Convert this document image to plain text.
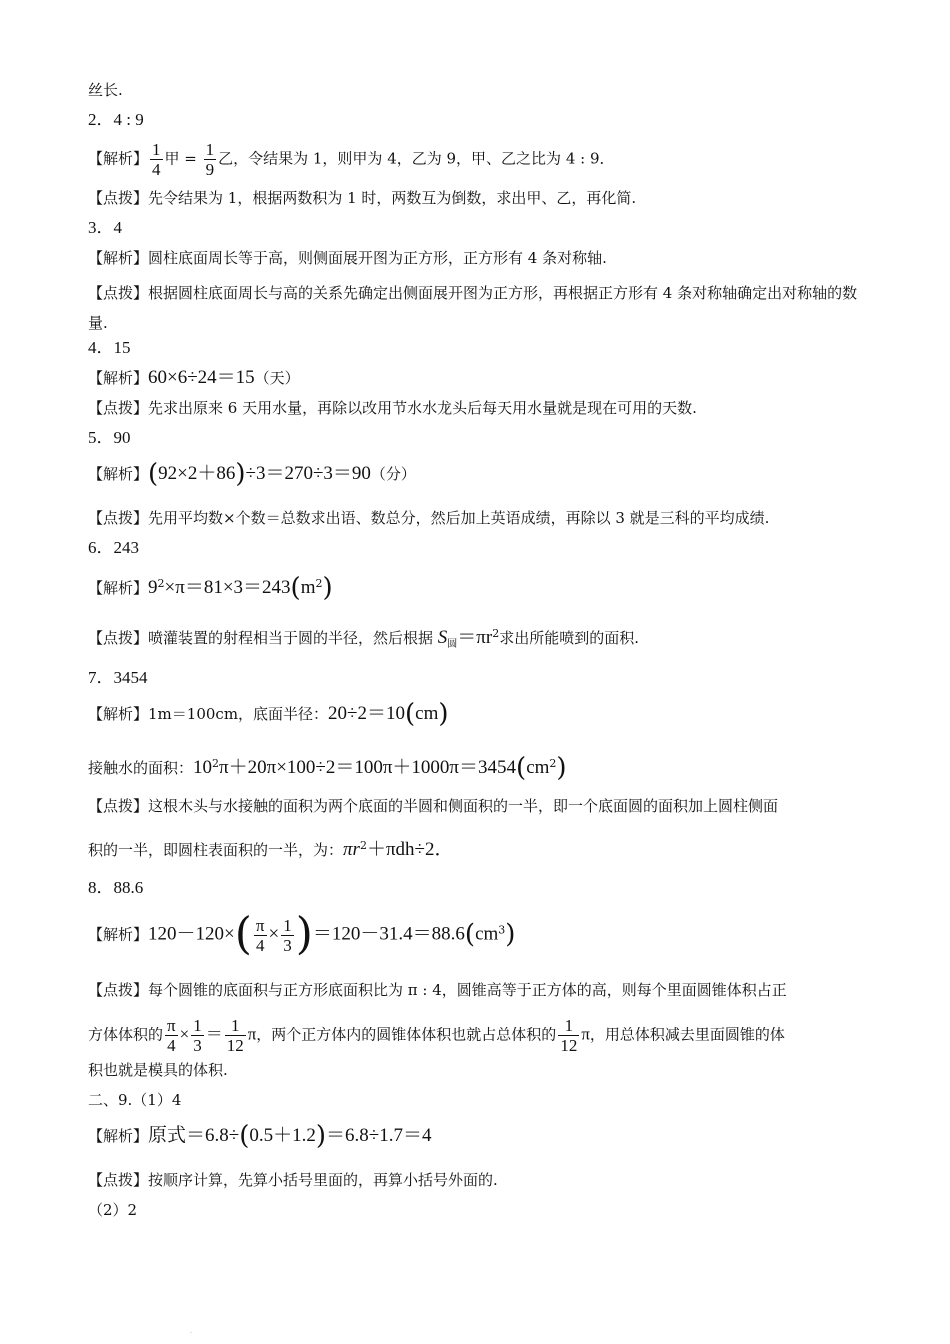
丝长.
2．4 : 9
【解析】 $\frac{1}{4}$ 甲 = $\frac{1}{9}$ 乙，令结果为 1，则甲为 4，乙为 9，甲、乙之比为 4 : 9．
【点拨】先令结果为 1，根据两数积为 1 时，两数互为倒数，求出甲、乙，再化简.
3．4
【解析】圆柱底面周长等于高，则侧面展开图为正方形，正方形有 4 条对称轴.
【点拨】根据圆柱底面周长与高的关系先确定出侧面展开图为正方形，再根据正方形有 4 条对称轴确定出对称轴的数量.
4．15
【解析】60×6÷24＝15（天）
【点拨】先求出原来 6 天用水量，再除以改用节水水龙头后每天用水量就是现在可用的天数.
5．90
【解析】(92×2＋86)÷3＝270÷3＝90（分）
【点拨】先用平均数×个数＝总数求出语、数总分，然后加上英语成绩，再除以 3 就是三科的平均成绩.
6．243
【解析】$9^2\times\pi=81\times 3=243(m^2)$
【点拨】喷灌装置的射程相当于圆的半径，然后根据 $S_圆=\pi r^2$求出所能喷到的面积.
7．3454
【解析】1m＝100cm，底面半径：20÷2＝10(cm)
接触水的面积：$10^2\pi+20\pi\times 100\div 2=100\pi+1000\pi=3454(cm^2)$
【点拨】这根木头与水接触的面积为两个底面的半圆和侧面积的一半，即一个底面圆的面积加上圆柱侧面
积的一半，即圆柱表面积的一半，为：$\pi r^2+\pi dh\div 2$．
8．88.6
【解析】$120-120\times( \frac{\pi}{4} \times \frac{1}{3} )=120-31.4=88.6(cm^3)$
【点拨】每个圆锥的底面积与正方形底面积比为 π : 4，圆锥高等于正方体的高，则每个里面圆锥体积占正
方体体积的 $\frac{\pi}{4} \times \frac{1}{3} = \frac{1}{12}$ π，两个正方体内的圆锥体体积也就占总体积的 $\frac{1}{12}$ π，用总体积减去里面圆锥的体
积也就是模具的体积.
二、9.（1）4
【解析】原式＝6.8÷(0.5＋1.2)＝6.8÷1.7＝4
【点拨】按顺序计算，先算小括号里面的，再算小括号外面的.
（2）2
.
